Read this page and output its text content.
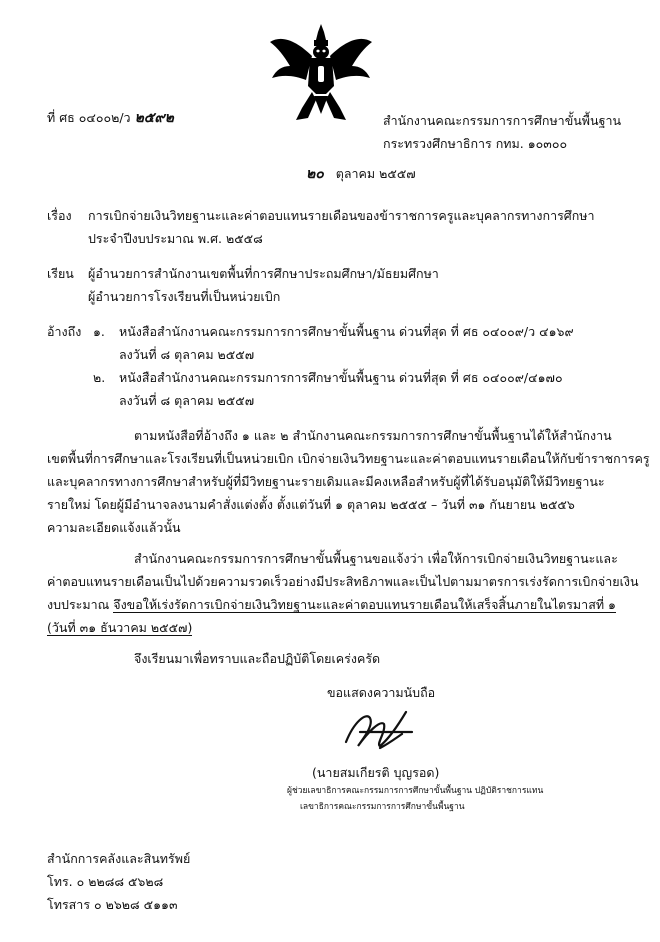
ที่ ศธ ๐๔๐๐๒/ว ๒๕๙๒	สำนักงานคณะกรรมการการศึกษาขั้นพื้นฐาน
กระทรวงศึกษาธิการ กทม. ๑๐๓๐๐
๒๐ ตุลาคม ๒๕๕๗
เรื่อง การเบิกจ่ายเงินวิทยฐานะและค่าตอบแทนรายเดือนของข้าราชการครูและบุคลากรทางการศึกษา
ประจำปีงบประมาณ พ.ศ. ๒๕๕๘
เรียน ผู้อำนวยการสำนักงานเขตพื้นที่การศึกษาประถมศึกษา/มัธยมศึกษา
ผู้อำนวยการโรงเรียนที่เป็นหน่วยเบิก
อ้างถึง ๑. หนังสือสำนักงานคณะกรรมการการศึกษาขั้นพื้นฐาน ด่วนที่สุด ที่ ศธ ๐๔๐๐๙/ว ๔๑๖๙
ลงวันที่ ๘ ตุลาคม ๒๕๕๗
๒. หนังสือสำนักงานคณะกรรมการการศึกษาขั้นพื้นฐาน ด่วนที่สุด ที่ ศธ ๐๔๐๐๙/๔๑๗๐
ลงวันที่ ๘ ตุลาคม ๒๕๕๗
ตามหนังสือที่อ้างถึง ๑ และ ๒ สำนักงานคณะกรรมการการศึกษาขั้นพื้นฐานได้ให้สำนักงาน
เขตพื้นที่การศึกษาและโรงเรียนที่เป็นหน่วยเบิก เบิกจ่ายเงินวิทยฐานะและค่าตอบแทนรายเดือนให้กับข้าราชการครู
และบุคลากรทางการศึกษาสำหรับผู้ที่มีวิทยฐานะรายเดิมและมีคงเหลือสำหรับผู้ที่ได้รับอนุมัติให้มีวิทยฐานะ
รายใหม่ โดยผู้มีอำนาจลงนามคำสั่งแต่งตั้ง ตั้งแต่วันที่ ๑ ตุลาคม ๒๕๕๕ – วันที่ ๓๑ กันยายน ๒๕๕๖
ความละเอียดแจ้งแล้วนั้น
สำนักงานคณะกรรมการการศึกษาขั้นพื้นฐานขอแจ้งว่า เพื่อให้การเบิกจ่ายเงินวิทยฐานะและ
ค่าตอบแทนรายเดือนเป็นไปด้วยความรวดเร็วอย่างมีประสิทธิภาพและเป็นไปตามมาตรการเร่งรัดการเบิกจ่ายเงิน
งบประมาณ จึงขอให้เร่งรัดการเบิกจ่ายเงินวิทยฐานะและค่าตอบแทนรายเดือนให้เสร็จสิ้นภายในไตรมาสที่ ๑
(วันที่ ๓๑ ธันวาคม ๒๕๕๗)
จึงเรียนมาเพื่อทราบและถือปฏิบัติโดยเคร่งครัด
ขอแสดงความนับถือ
(นายสมเกียรติ บุญรอด)
ผู้ช่วยเลขาธิการคณะกรรมการการศึกษาขั้นพื้นฐาน ปฏิบัติราชการแทน
เลขาธิการคณะกรรมการการศึกษาขั้นพื้นฐาน
สำนักการคลังและสินทรัพย์
โทร. ๐ ๒๒๘๘ ๕๖๒๘
โทรสาร ๐ ๒๖๒๘ ๕๑๑๓
